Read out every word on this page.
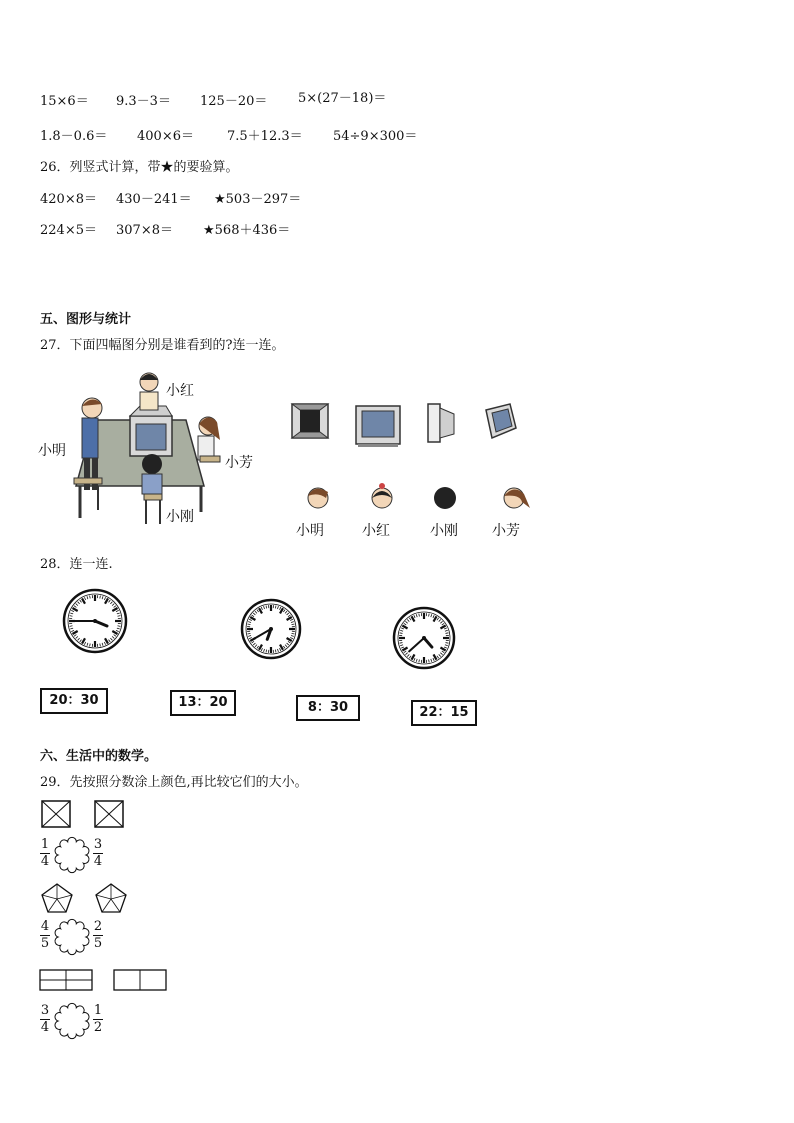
15×6＝ 9.3－3＝ 125－20＝ 5×(27－18)＝
1.8－0.6＝ 400×6＝	7.5＋12.3＝ 54÷9×300＝
26．列竖式计算，带★的要验算。
420×8＝ 430－241＝ ★503－297＝
224×5＝ 307×8＝ ★568＋436＝
五、图形与统计
27．下面四幅图分别是谁看到的?连一连。
小红
小明
小芳
小刚
小明	小红	小刚 小芳
28．连一连.
20：30	13：20	8：30	22：15
六、生活中的数学。
29．先按照分数涂上颜色,再比较它们的大小。
1
4
3
4
4
5
2
5
3
4
1
2
